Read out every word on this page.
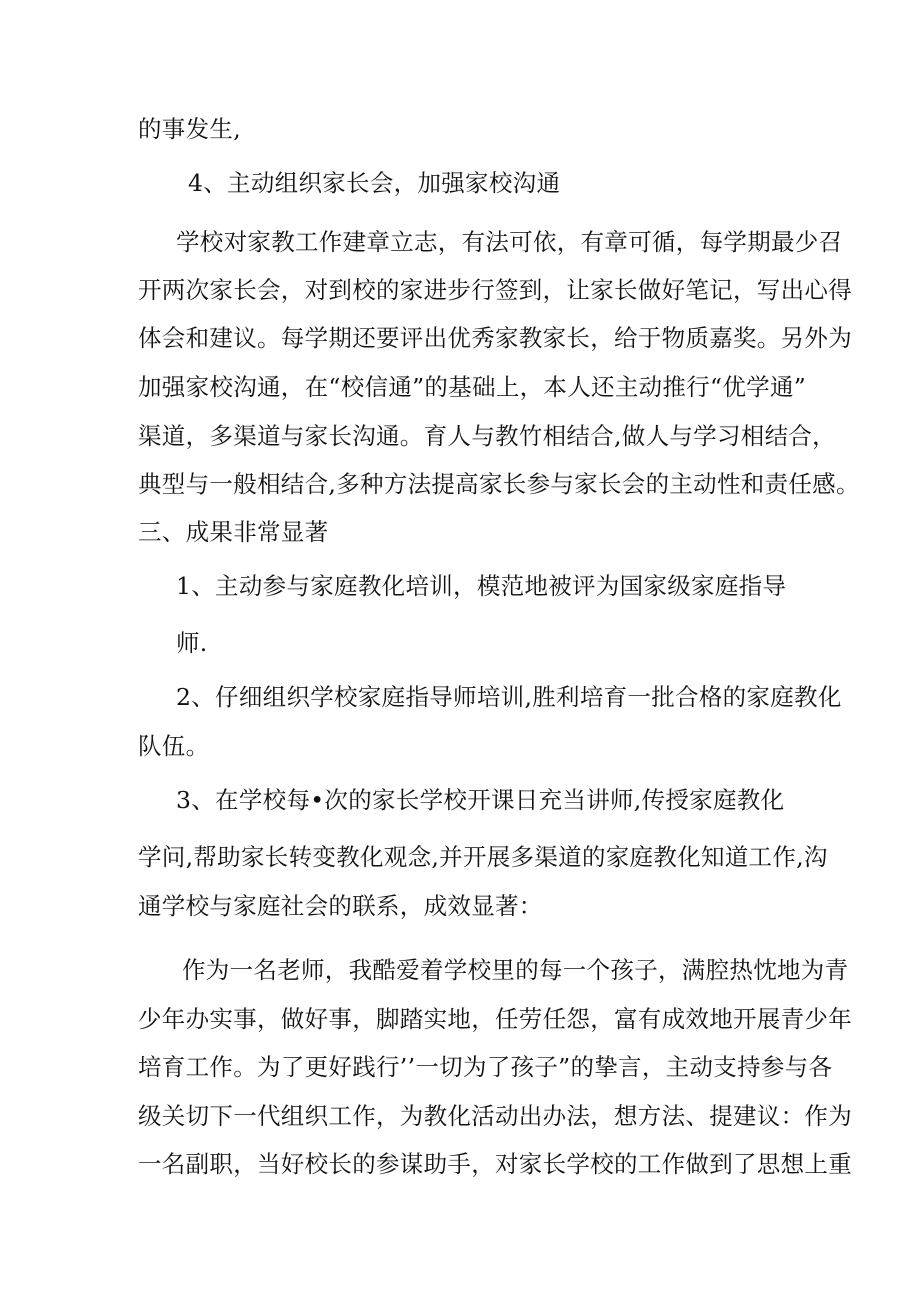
的事发生,
4、主动组织家长会，加强家校沟通
学校对家教工作建章立志，有法可依，有章可循，每学期最少召
开两次家长会，对到校的家进步行签到，让家长做好笔记，写出心得
体会和建议。每学期还要评出优秀家教家长，给于物质嘉奖。另外为
加强家校沟通，在“校信通”的基础上，本人还主动推行“优学通”
渠道，多渠道与家长沟通。育人与教竹相结合,做人与学习相结合，
典型与一般相结合,多种方法提高家长参与家长会的主动性和责任感。
三、成果非常显著
1、主动参与家庭教化培训，模范地被评为国家级家庭指导
师.
2、仔细组织学校家庭指导师培训,胜利培育一批合格的家庭教化
队伍。
3、在学校每•次的家长学校开课日充当讲师,传授家庭教化
学问,帮助家长转变教化观念,并开展多渠道的家庭教化知道工作,沟
通学校与家庭社会的联系，成效显著：
作为一名老师，我酷爱着学校里的每一个孩子，满腔热忱地为青
少年办实事，做好事，脚踏实地，任劳任怨，富有成效地开展青少年
培育工作。为了更好践行’’一切为了孩子”的挚言，主动支持参与各
级关切下一代组织工作，为教化活动出办法，想方法、提建议：作为
一名副职，当好校长的参谋助手，对家长学校的工作做到了思想上重
